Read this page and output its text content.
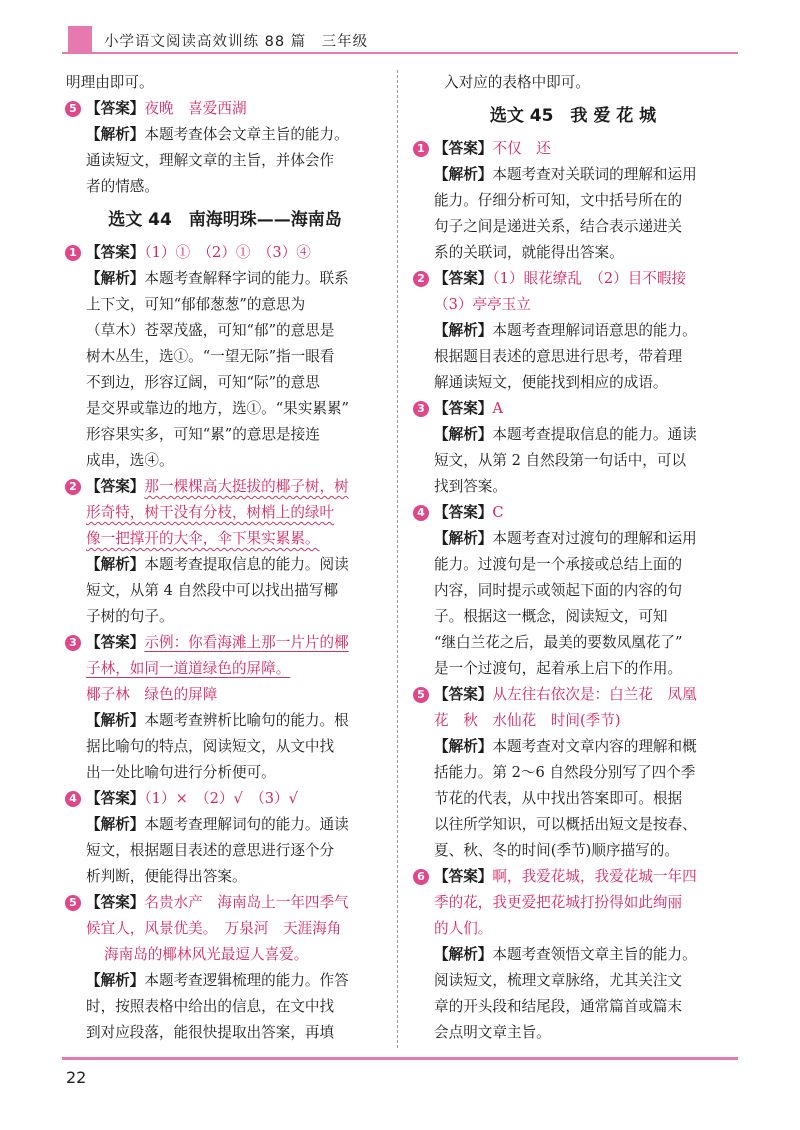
小学语文阅读高效训练 88 篇　三年级
明理由即可。
5 【答案】夜晚　喜爱西湖
【解析】本题考查体会文章主旨的能力。
通读短文，理解文章的主旨，并体会作
者的情感。
选文 44　南海明珠——海南岛
1 【答案】（1）①　（2）①　（3）④
【解析】本题考查解释字词的能力。联系
上下文，可知“郁郁葱葱”的意思为
（草木）苍翠茂盛，可知“郁”的意思是
树木丛生，选①。“一望无际”指一眼看
不到边，形容辽阔，可知“际”的意思
是交界或靠边的地方，选①。“果实累累”
形容果实多，可知“累”的意思是接连
成串，选④。
2 【答案】那一棵棵高大挺拔的椰子树，树
形奇特，树干没有分枝，树梢上的绿叶
像一把撑开的大伞，伞下果实累累。
【解析】本题考查提取信息的能力。阅读
短文，从第 4 自然段中可以找出描写椰
子树的句子。
3 【答案】示例：你看海滩上那一片片的椰
子林，如同一道道绿色的屏障。
椰子林　绿色的屏障
【解析】本题考查辨析比喻句的能力。根
据比喻句的特点，阅读短文，从文中找
出一处比喻句进行分析便可。
4 【答案】（1）×　（2）√　（3）√
【解析】本题考查理解词句的能力。通读
短文，根据题目表述的意思进行逐个分
析判断，便能得出答案。
5 【答案】名贵水产　海南岛上一年四季气
候宜人，风景优美。　万泉河　天涯海角
海南岛的椰林风光最逗人喜爱。
【解析】本题考查逻辑梳理的能力。作答
时，按照表格中给出的信息，在文中找
到对应段落，能很快提取出答案，再填
入对应的表格中即可。
选文 45　我 爱 花 城
1 【答案】不仅　还
【解析】本题考查对关联词的理解和运用
能力。仔细分析可知，文中括号所在的
句子之间是递进关系，结合表示递进关
系的关联词，就能得出答案。
2 【答案】（1）眼花缭乱　（2）目不暇接
（3）亭亭玉立
【解析】本题考查理解词语意思的能力。
根据题目表述的意思进行思考，带着理
解通读短文，便能找到相应的成语。
3 【答案】A
【解析】本题考查提取信息的能力。通读
短文，从第 2 自然段第一句话中，可以
找到答案。
4 【答案】C
【解析】本题考查对过渡句的理解和运用
能力。过渡句是一个承接或总结上面的
内容，同时提示或领起下面的内容的句
子。根据这一概念，阅读短文，可知
“继白兰花之后，最美的要数凤凰花了”
是一个过渡句，起着承上启下的作用。
5 【答案】从左往右依次是：白兰花　凤凰
花　秋　水仙花　时间(季节)
【解析】本题考查对文章内容的理解和概
括能力。第 2～6 自然段分别写了四个季
节花的代表，从中找出答案即可。根据
以往所学知识，可以概括出短文是按春、
夏、秋、冬的时间(季节)顺序描写的。
6 【答案】啊，我爱花城，我爱花城一年四
季的花，我更爱把花城打扮得如此绚丽
的人们。
【解析】本题考查领悟文章主旨的能力。
阅读短文，梳理文章脉络，尤其关注文
章的开头段和结尾段，通常篇首或篇末
会点明文章主旨。
22
